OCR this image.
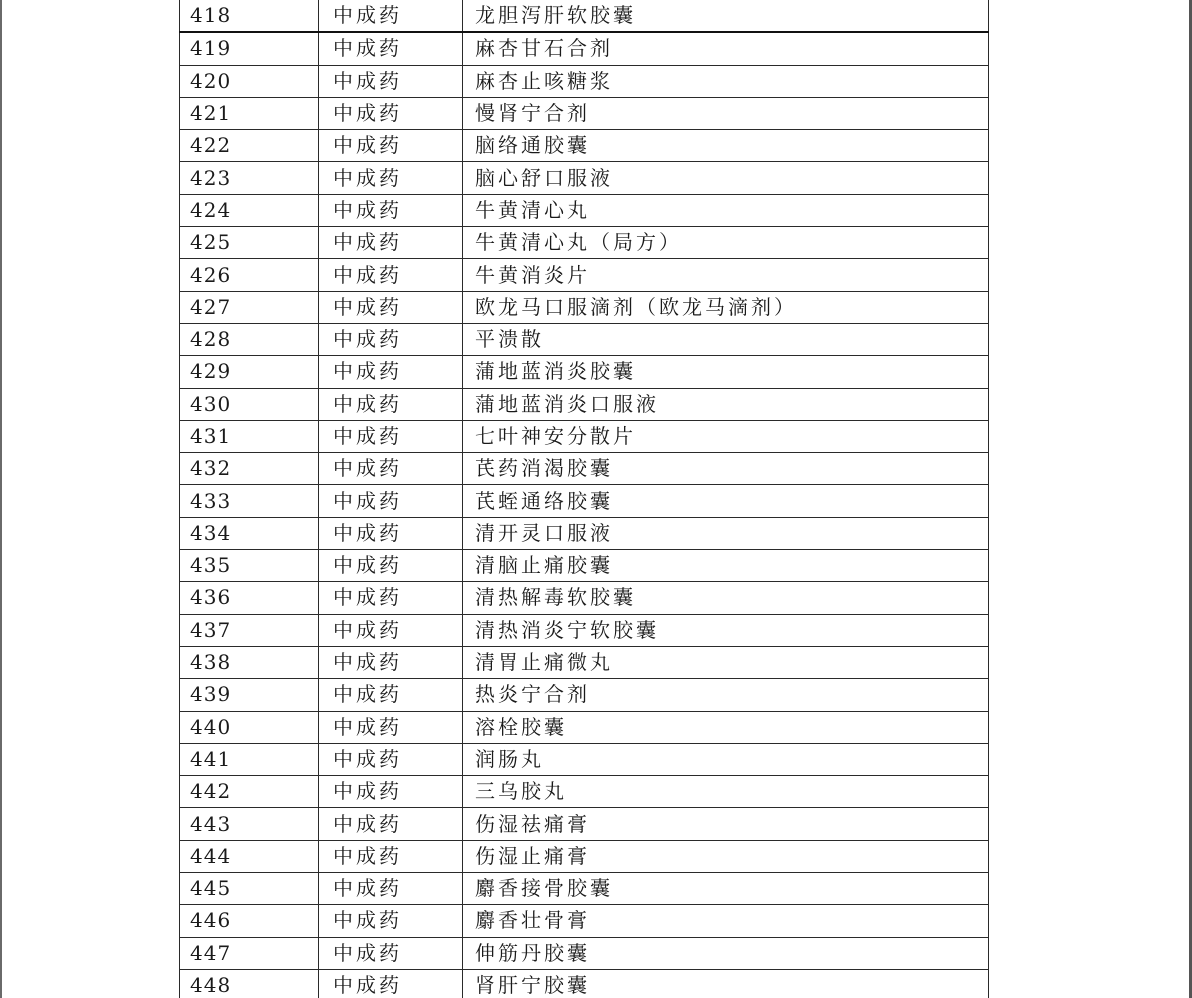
418	中成药	龙胆泻肝软胶囊
419	中成药	麻杏甘石合剂
420	中成药	麻杏止咳糖浆
421	中成药	慢肾宁合剂
422	中成药	脑络通胶囊
423	中成药	脑心舒口服液
424	中成药	牛黄清心丸
425	中成药	牛黄清心丸（局方）
426	中成药	牛黄消炎片
427	中成药	欧龙马口服滴剂（欧龙马滴剂）
428	中成药	平溃散
429	中成药	蒲地蓝消炎胶囊
430	中成药	蒲地蓝消炎口服液
431	中成药	七叶神安分散片
432	中成药	芪药消渴胶囊
433	中成药	芪蛭通络胶囊
434	中成药	清开灵口服液
435	中成药	清脑止痛胶囊
436	中成药	清热解毒软胶囊
437	中成药	清热消炎宁软胶囊
438	中成药	清胃止痛微丸
439	中成药	热炎宁合剂
440	中成药	溶栓胶囊
441	中成药	润肠丸
442	中成药	三乌胶丸
443	中成药	伤湿祛痛膏
444	中成药	伤湿止痛膏
445	中成药	麝香接骨胶囊
446	中成药	麝香壮骨膏
447	中成药	伸筋丹胶囊
448	中成药	肾肝宁胶囊
